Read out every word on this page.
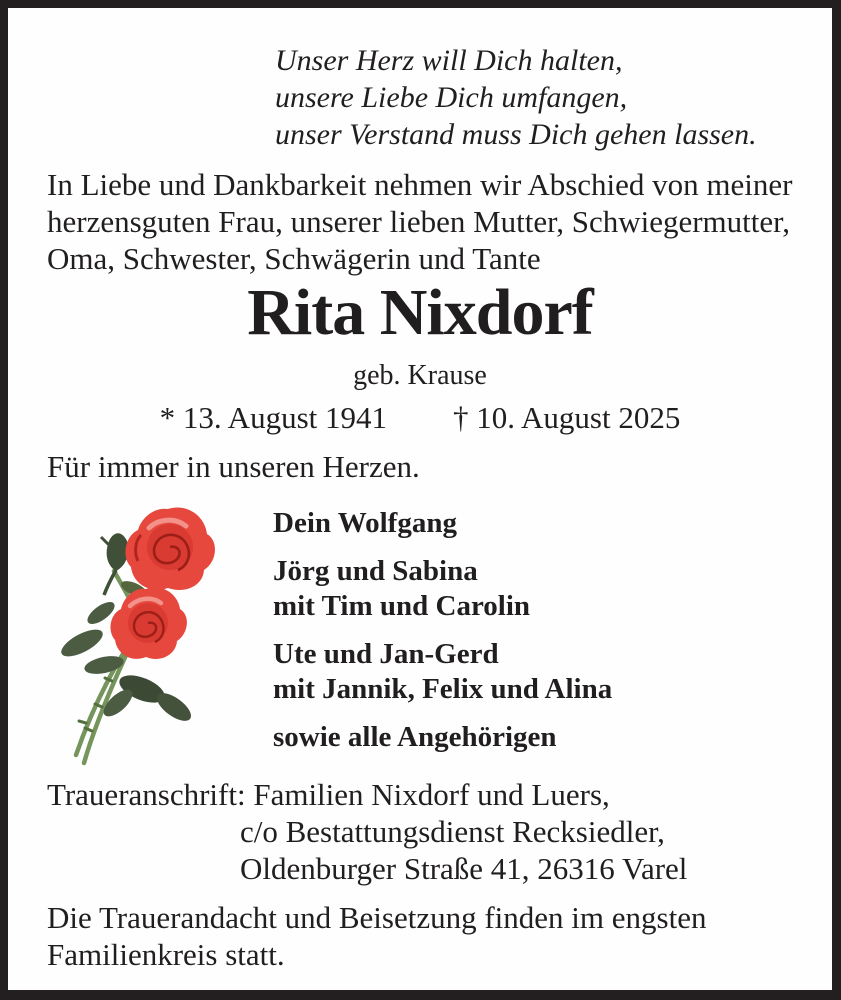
Unser Herz will Dich halten,
unsere Liebe Dich umfangen,
unser Verstand muss Dich gehen lassen.
In Liebe und Dankbarkeit nehmen wir Abschied von meiner
herzensguten Frau, unserer lieben Mutter, Schwiegermutter,
Oma, Schwester, Schwägerin und Tante
Rita Nixdorf
geb. Krause
* 13. August 1941 † 10. August 2025
Für immer in unseren Herzen.
Dein Wolfgang
Jörg und Sabina
mit Tim und Carolin
Ute und Jan-Gerd
mit Jannik, Felix und Alina
sowie alle Angehörigen
Traueranschrift: Familien Nixdorf und Luers,
c/o Bestattungsdienst Recksiedler,
Oldenburger Straße 41, 26316 Varel
Die Trauerandacht und Beisetzung finden im engsten
Familienkreis statt.
